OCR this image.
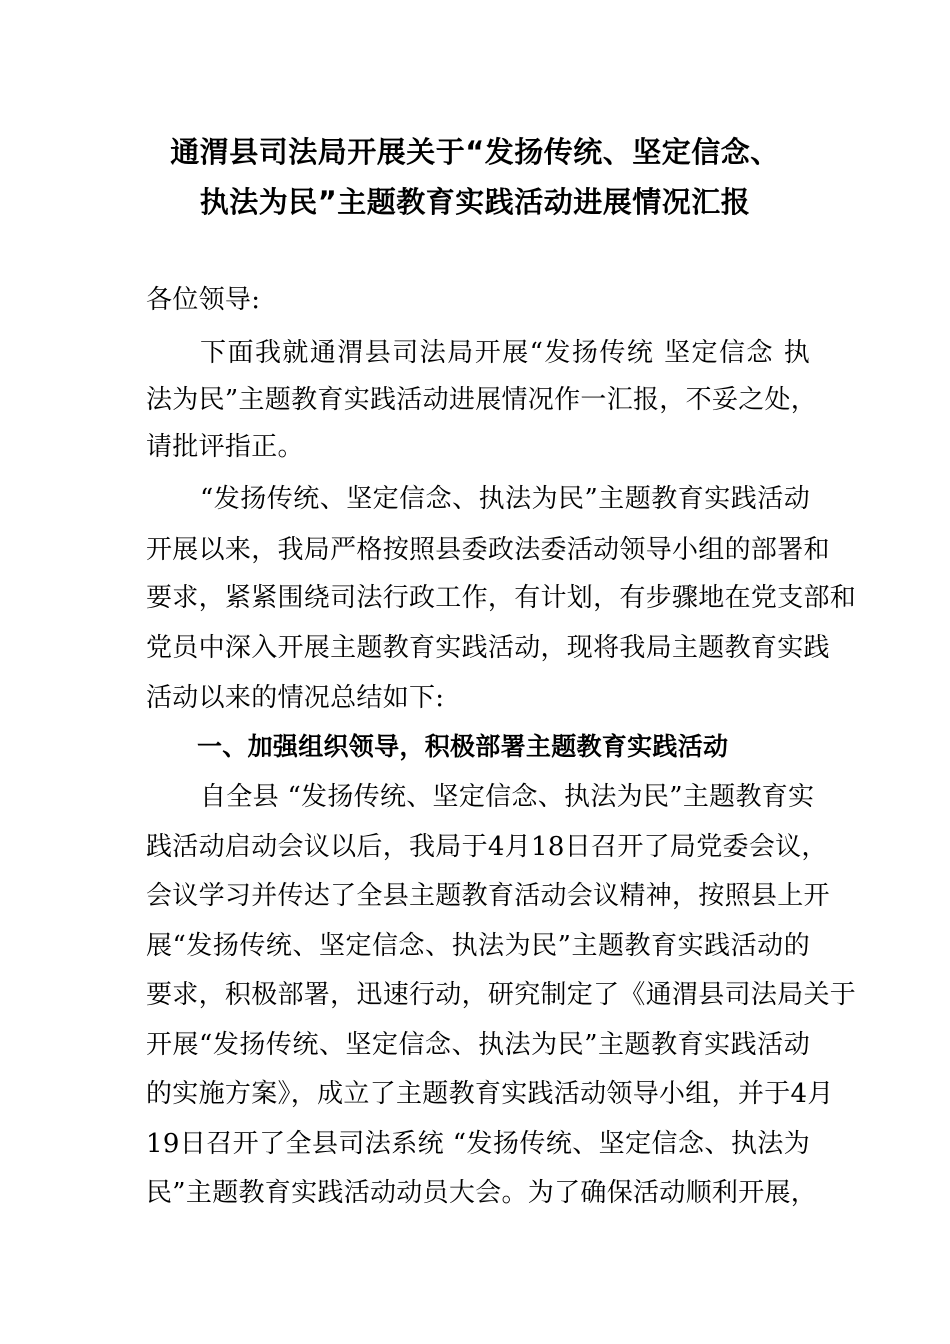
通渭县司法局开展关于“发扬传统、坚定信念、
执法为民”主题教育实践活动进展情况汇报
各位领导:
下面我就通渭县司法局开展“发扬传统 坚定信念 执
法为民”主题教育实践活动进展情况作一汇报，不妥之处，
请批评指正。
“发扬传统、坚定信念、执法为民”主题教育实践活动
开展以来，我局严格按照县委政法委活动领导小组的部署和
要求，紧紧围绕司法行政工作，有计划，有步骤地在党支部和
党员中深入开展主题教育实践活动，现将我局主题教育实践
活动以来的情况总结如下:
一、加强组织领导，积极部署主题教育实践活动
自全县 “发扬传统、坚定信念、执法为民”主题教育实
践活动启动会议以后，我局于4月18日召开了局党委会议，
会议学习并传达了全县主题教育活动会议精神，按照县上开
展“发扬传统、坚定信念、执法为民”主题教育实践活动的
要求，积极部署，迅速行动，研究制定了《通渭县司法局关于
开展“发扬传统、坚定信念、执法为民”主题教育实践活动
的实施方案》，成立了主题教育实践活动领导小组，并于4月
19日召开了全县司法系统 “发扬传统、坚定信念、执法为
民”主题教育实践活动动员大会。为了确保活动顺利开展，
